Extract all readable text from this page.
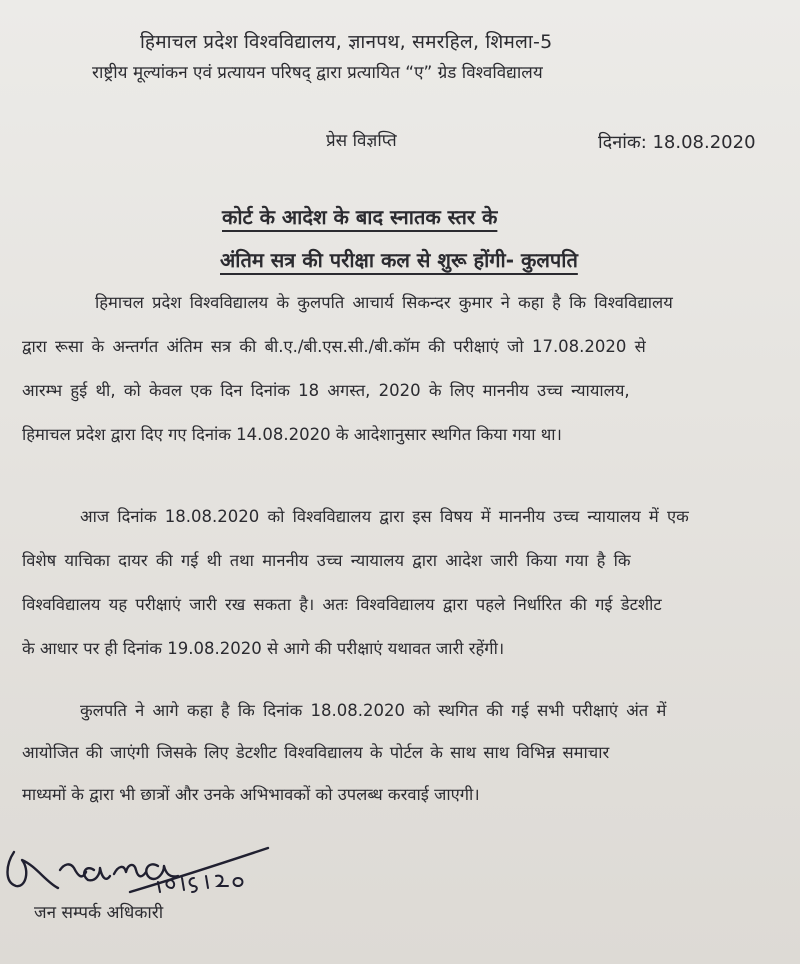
हिमाचल प्रदेश विश्वविद्यालय, ज्ञानपथ, समरहिल, शिमला-5
राष्ट्रीय मूल्यांकन एवं प्रत्यायन परिषद् द्वारा प्रत्यायित “ए” ग्रेड विश्वविद्यालय
प्रेस विज्ञप्ति	दिनांक: 18.08.2020
कोर्ट के आदेश के बाद स्नातक स्तर के
अंतिम सत्र की परीक्षा कल से शुरू होंगी- कुलपति
हिमाचल प्रदेश विश्वविद्यालय के कुलपति आचार्य सिकन्दर कुमार ने कहा है कि विश्वविद्यालय
द्वारा रूसा के अन्तर्गत अंतिम सत्र की बी.ए./बी.एस.सी./बी.कॉम की परीक्षाएं जो 17.08.2020 से
आरम्भ हुई थी, को केवल एक दिन दिनांक 18 अगस्त, 2020 के लिए माननीय उच्च न्यायालय,
हिमाचल प्रदेश द्वारा दिए गए दिनांक 14.08.2020 के आदेशानुसार स्थगित किया गया था।
आज दिनांक 18.08.2020 को विश्वविद्यालय द्वारा इस विषय में माननीय उच्च न्यायालय में एक
विशेष याचिका दायर की गई थी तथा माननीय उच्च न्यायालय द्वारा आदेश जारी किया गया है कि
विश्वविद्यालय यह परीक्षाएं जारी रख सकता है। अतः विश्वविद्यालय द्वारा पहले निर्धारित की गई डेटशीट
के आधार पर ही दिनांक 19.08.2020 से आगे की परीक्षाएं यथावत जारी रहेंगी।
कुलपति ने आगे कहा है कि दिनांक 18.08.2020 को स्थगित की गई सभी परीक्षाएं अंत में
आयोजित की जाएंगी जिसके लिए डेटशीट विश्वविद्यालय के पोर्टल के साथ साथ विभिन्न समाचार
माध्यमों के द्वारा भी छात्रों और उनके अभिभावकों को उपलब्ध करवाई जाएगी।
जन सम्पर्क अधिकारी
